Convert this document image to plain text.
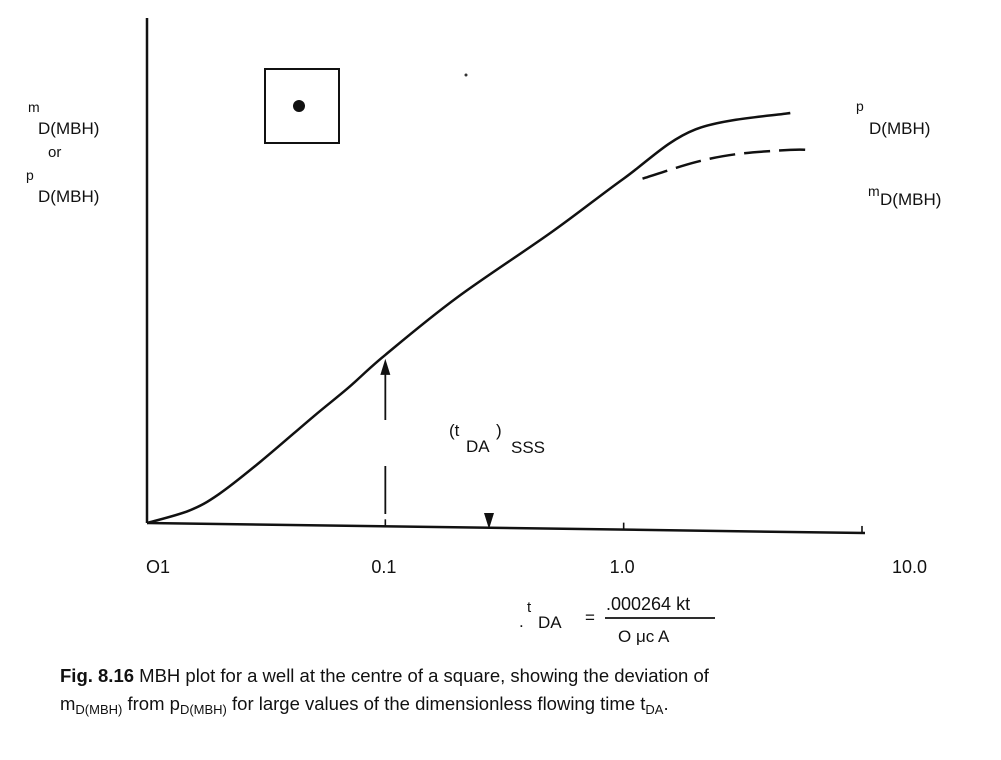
m
D(MBH)
or
p
D(MBH)
p
D(MBH)
m D(MBH)
(t
DA
)
SSS
O1	0.1	1.0	10.0
.
t
DA =
.000264 kt
O μc A
Fig. 8.16 MBH plot for a well at the centre of a square, showing the deviation of
$m_{D(MBH)}$ from $p_{D(MBH)}$ for large values of the dimensionless flowing time $t_{DA}$.
